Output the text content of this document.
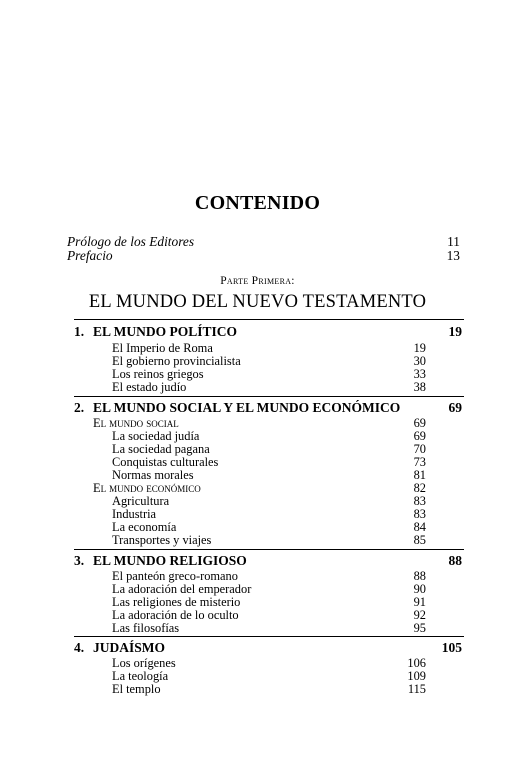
CONTENIDO
Prólogo de los Editores	11
Prefacio	13
Parte Primera:
EL MUNDO DEL NUEVO TESTAMENTO
1. EL MUNDO POLÍTICO	19
El Imperio de Roma	19
El gobierno provincialista	30
Los reinos griegos	33
El estado judío	38
2. EL MUNDO SOCIAL Y EL MUNDO ECONÓMICO	69
El mundo social	69
La sociedad judía	69
La sociedad pagana	70
Conquistas culturales	73
Normas morales	81
El mundo económico	82
Agricultura	83
Industria	83
La economía	84
Transportes y viajes	85
3. EL MUNDO RELIGIOSO	88
El panteón greco-romano	88
La adoración del emperador	90
Las religiones de misterio	91
La adoración de lo oculto	92
Las filosofías	95
4. JUDAÍSMO	105
Los orígenes	106
La teología	109
El templo	115
